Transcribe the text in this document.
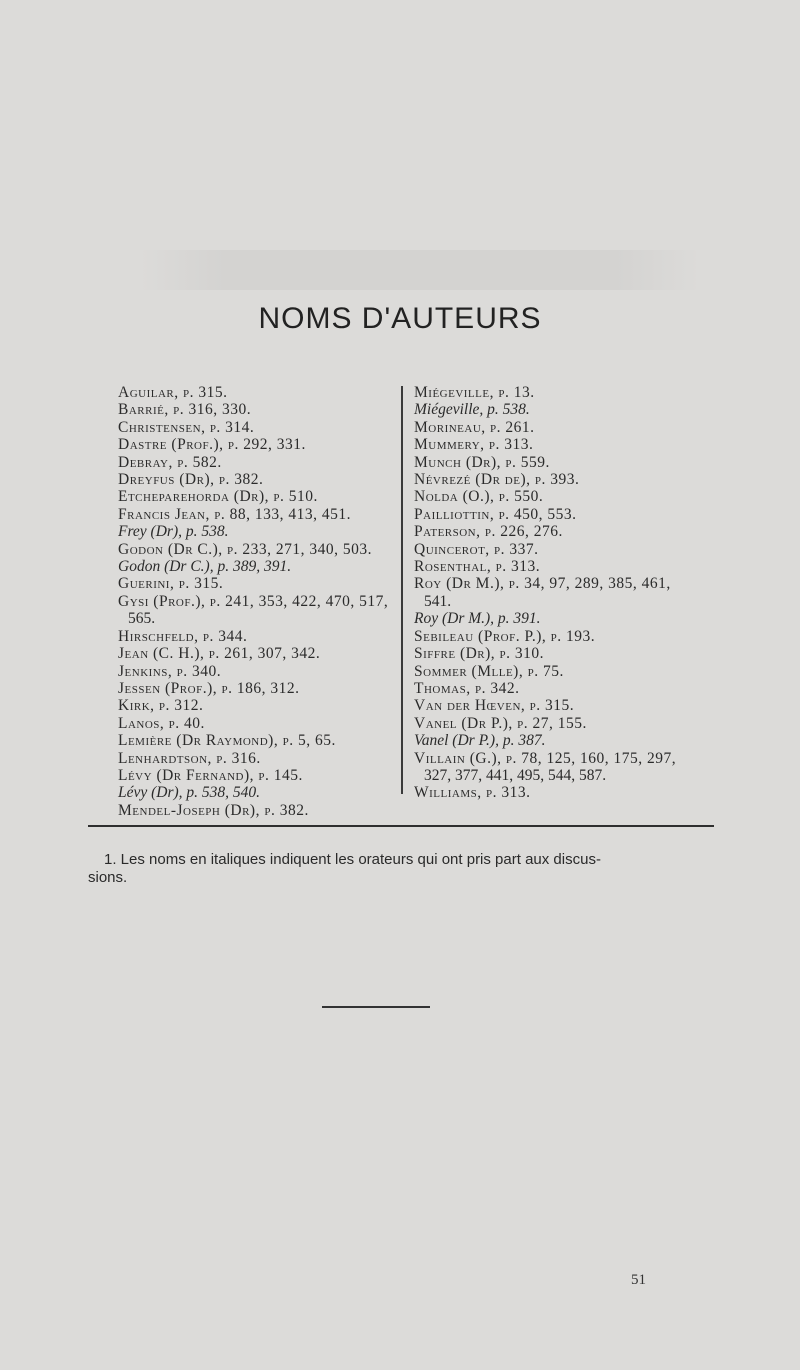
NOMS D'AUTEURS
Aguilar, p. 315.
Barrié, p. 316, 330.
Christensen, p. 314.
Dastre (Prof.), p. 292, 331.
Debray, p. 582.
Dreyfus (Dr), p. 382.
Etcheparehorda (Dr), p. 510.
Francis Jean, p. 88, 133, 413, 451.
Frey (Dr), p. 538.
Godon (Dr C.), p. 233, 271, 340, 503.
Godon (Dr C.), p. 389, 391.
Guerini, p. 315.
Gysi (Prof.), p. 241, 353, 422, 470, 517,
565.
Hirschfeld, p. 344.
Jean (C. H.), p. 261, 307, 342.
Jenkins, p. 340.
Jessen (Prof.), p. 186, 312.
Kirk, p. 312.
Lanos, p. 40.
Lemière (Dr Raymond), p. 5, 65.
Lenhardtson, p. 316.
Lévy (Dr Fernand), p. 145.
Lévy (Dr), p. 538, 540.
Mendel-Joseph (Dr), p. 382.
Miégeville, p. 13.
Miégeville, p. 538.
Morineau, p. 261.
Mummery, p. 313.
Munch (Dr), p. 559.
Névrezé (Dr de), p. 393.
Nolda (O.), p. 550.
Pailliottin, p. 450, 553.
Paterson, p. 226, 276.
Quincerot, p. 337.
Rosenthal, p. 313.
Roy (Dr M.), p. 34, 97, 289, 385, 461,
541.
Roy (Dr M.), p. 391.
Sebileau (Prof. P.), p. 193.
Siffre (Dr), p. 310.
Sommer (Mlle), p. 75.
Thomas, p. 342.
Van der Hœven, p. 315.
Vanel (Dr P.), p. 27, 155.
Vanel (Dr P.), p. 387.
Villain (G.), p. 78, 125, 160, 175, 297,
327, 377, 441, 495, 544, 587.
Williams, p. 313.
1. Les noms en italiques indiquent les orateurs qui ont pris part aux discus-
sions.
51
